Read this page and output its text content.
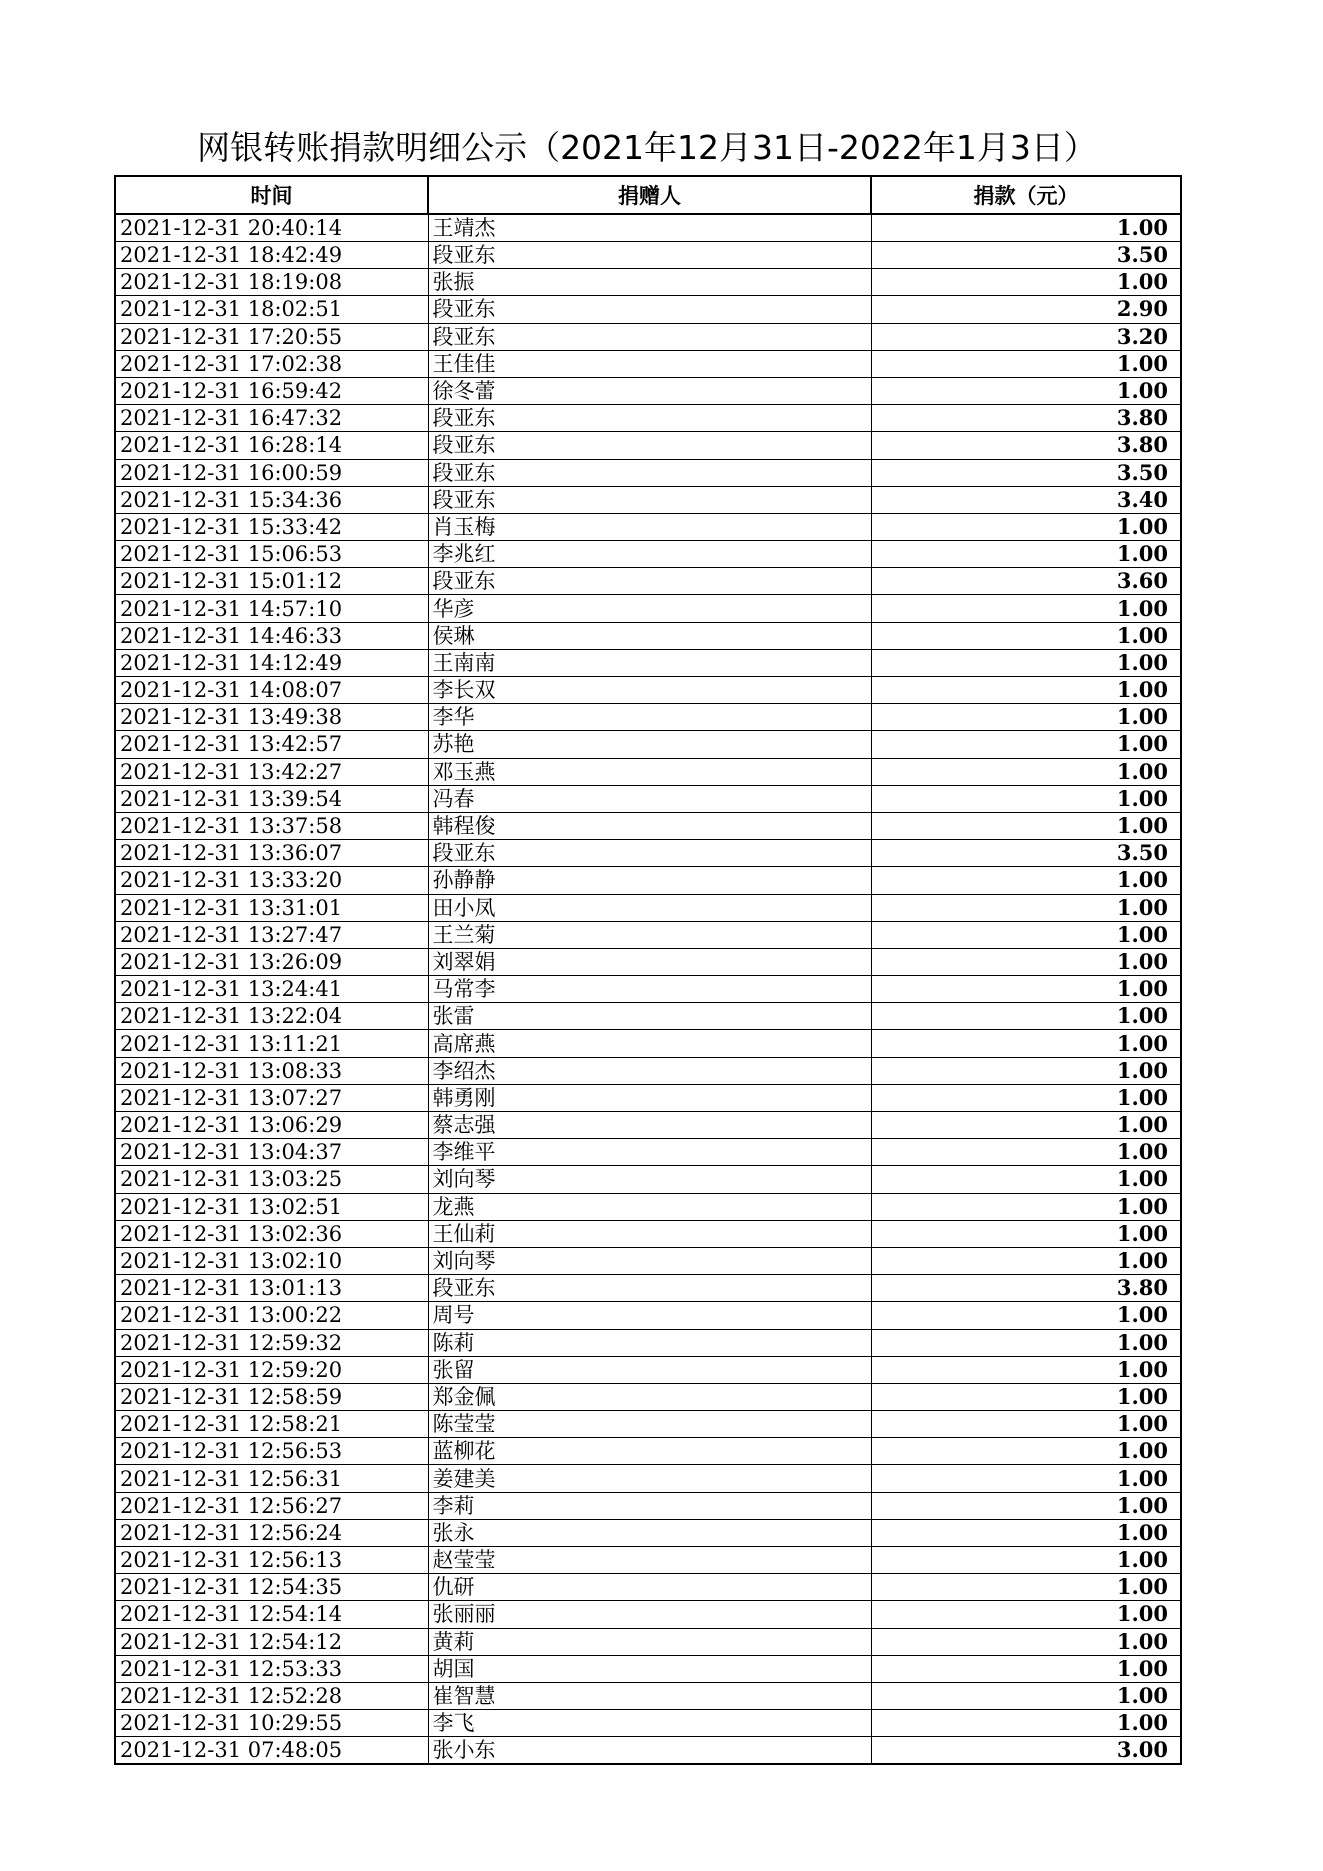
网银转账捐款明细公示（2021年12月31日-2022年1月3日）
时间	捐赠人	捐款（元）
2021-12-31 20:40:14	王靖杰	1.00
2021-12-31 18:42:49	段亚东	3.50
2021-12-31 18:19:08	张振	1.00
2021-12-31 18:02:51	段亚东	2.90
2021-12-31 17:20:55	段亚东	3.20
2021-12-31 17:02:38	王佳佳	1.00
2021-12-31 16:59:42	徐冬蕾	1.00
2021-12-31 16:47:32	段亚东	3.80
2021-12-31 16:28:14	段亚东	3.80
2021-12-31 16:00:59	段亚东	3.50
2021-12-31 15:34:36	段亚东	3.40
2021-12-31 15:33:42	肖玉梅	1.00
2021-12-31 15:06:53	李兆红	1.00
2021-12-31 15:01:12	段亚东	3.60
2021-12-31 14:57:10	华彦	1.00
2021-12-31 14:46:33	侯琳	1.00
2021-12-31 14:12:49	王南南	1.00
2021-12-31 14:08:07	李长双	1.00
2021-12-31 13:49:38	李华	1.00
2021-12-31 13:42:57	苏艳	1.00
2021-12-31 13:42:27	邓玉燕	1.00
2021-12-31 13:39:54	冯春	1.00
2021-12-31 13:37:58	韩程俊	1.00
2021-12-31 13:36:07	段亚东	3.50
2021-12-31 13:33:20	孙静静	1.00
2021-12-31 13:31:01	田小凤	1.00
2021-12-31 13:27:47	王兰菊	1.00
2021-12-31 13:26:09	刘翠娟	1.00
2021-12-31 13:24:41	马常李	1.00
2021-12-31 13:22:04	张雷	1.00
2021-12-31 13:11:21	高席燕	1.00
2021-12-31 13:08:33	李绍杰	1.00
2021-12-31 13:07:27	韩勇刚	1.00
2021-12-31 13:06:29	蔡志强	1.00
2021-12-31 13:04:37	李维平	1.00
2021-12-31 13:03:25	刘向琴	1.00
2021-12-31 13:02:51	龙燕	1.00
2021-12-31 13:02:36	王仙莉	1.00
2021-12-31 13:02:10	刘向琴	1.00
2021-12-31 13:01:13	段亚东	3.80
2021-12-31 13:00:22	周号	1.00
2021-12-31 12:59:32	陈莉	1.00
2021-12-31 12:59:20	张留	1.00
2021-12-31 12:58:59	郑金佩	1.00
2021-12-31 12:58:21	陈莹莹	1.00
2021-12-31 12:56:53	蓝柳花	1.00
2021-12-31 12:56:31	姜建美	1.00
2021-12-31 12:56:27	李莉	1.00
2021-12-31 12:56:24	张永	1.00
2021-12-31 12:56:13	赵莹莹	1.00
2021-12-31 12:54:35	仇研	1.00
2021-12-31 12:54:14	张丽丽	1.00
2021-12-31 12:54:12	黄莉	1.00
2021-12-31 12:53:33	胡国	1.00
2021-12-31 12:52:28	崔智慧	1.00
2021-12-31 10:29:55	李飞	1.00
2021-12-31 07:48:05	张小东	3.00
